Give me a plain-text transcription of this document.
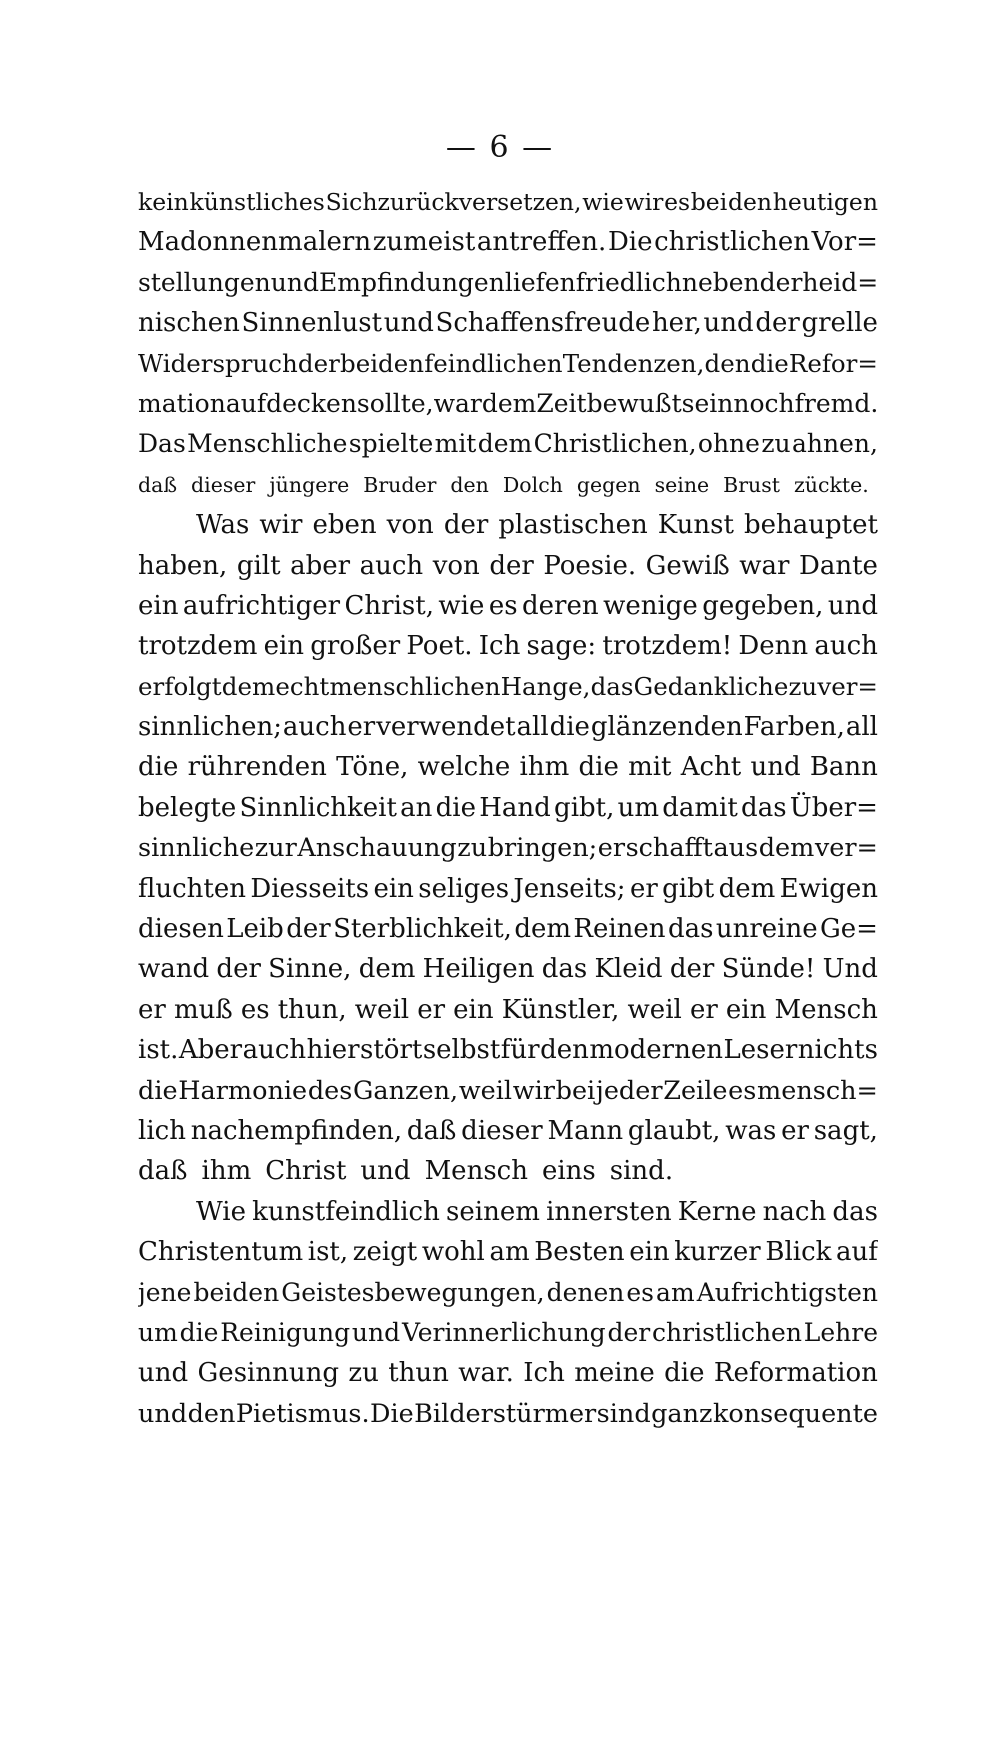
— 6 —
kein künstliches Sichzurückversetzen, wie wir es bei den heutigen
Madonnenmalern zumeist antreffen. Die christlichen Vor=
stellungen und Empfindungen liefen friedlich neben der heid=
nischen Sinnenlust und Schaffensfreude her, und der grelle
Widerspruch der beiden feindlichen Tendenzen, den die Refor=
mation aufdecken sollte, war dem Zeitbewußtsein noch fremd.
Das Menschliche spielte mit dem Christlichen, ohne zu ahnen,
daß dieser jüngere Bruder den Dolch gegen seine Brust zückte.
Was wir eben von der plastischen Kunst behauptet
haben, gilt aber auch von der Poesie. Gewiß war Dante
ein aufrichtiger Christ, wie es deren wenige gegeben, und
trotzdem ein großer Poet. Ich sage: trotzdem! Denn auch
er folgt dem echt menschlichen Hange, das Gedankliche zu ver=
sinnlichen; auch er verwendet all die glänzenden Farben, all
die rührenden Töne, welche ihm die mit Acht und Bann
belegte Sinnlichkeit an die Hand gibt, um damit das Über=
sinnliche zur Anschauung zu bringen; er schafft aus dem ver=
fluchten Diesseits ein seliges Jenseits; er gibt dem Ewigen
diesen Leib der Sterblichkeit, dem Reinen das unreine Ge=
wand der Sinne, dem Heiligen das Kleid der Sünde! Und
er muß es thun, weil er ein Künstler, weil er ein Mensch
ist. Aber auch hier stört selbst für den modernen Leser nichts
die Harmonie des Ganzen, weil wir bei jeder Zeile es mensch=
lich nachempfinden, daß dieser Mann glaubt, was er sagt,
daß ihm Christ und Mensch eins sind.
Wie kunstfeindlich seinem innersten Kerne nach das
Christentum ist, zeigt wohl am Besten ein kurzer Blick auf
jene beiden Geistesbewegungen, denen es am Aufrichtigsten
um die Reinigung und Verinnerlichung der christlichen Lehre
und Gesinnung zu thun war. Ich meine die Reformation
und den Pietismus. Die Bilderstürmer sind ganz konsequente
